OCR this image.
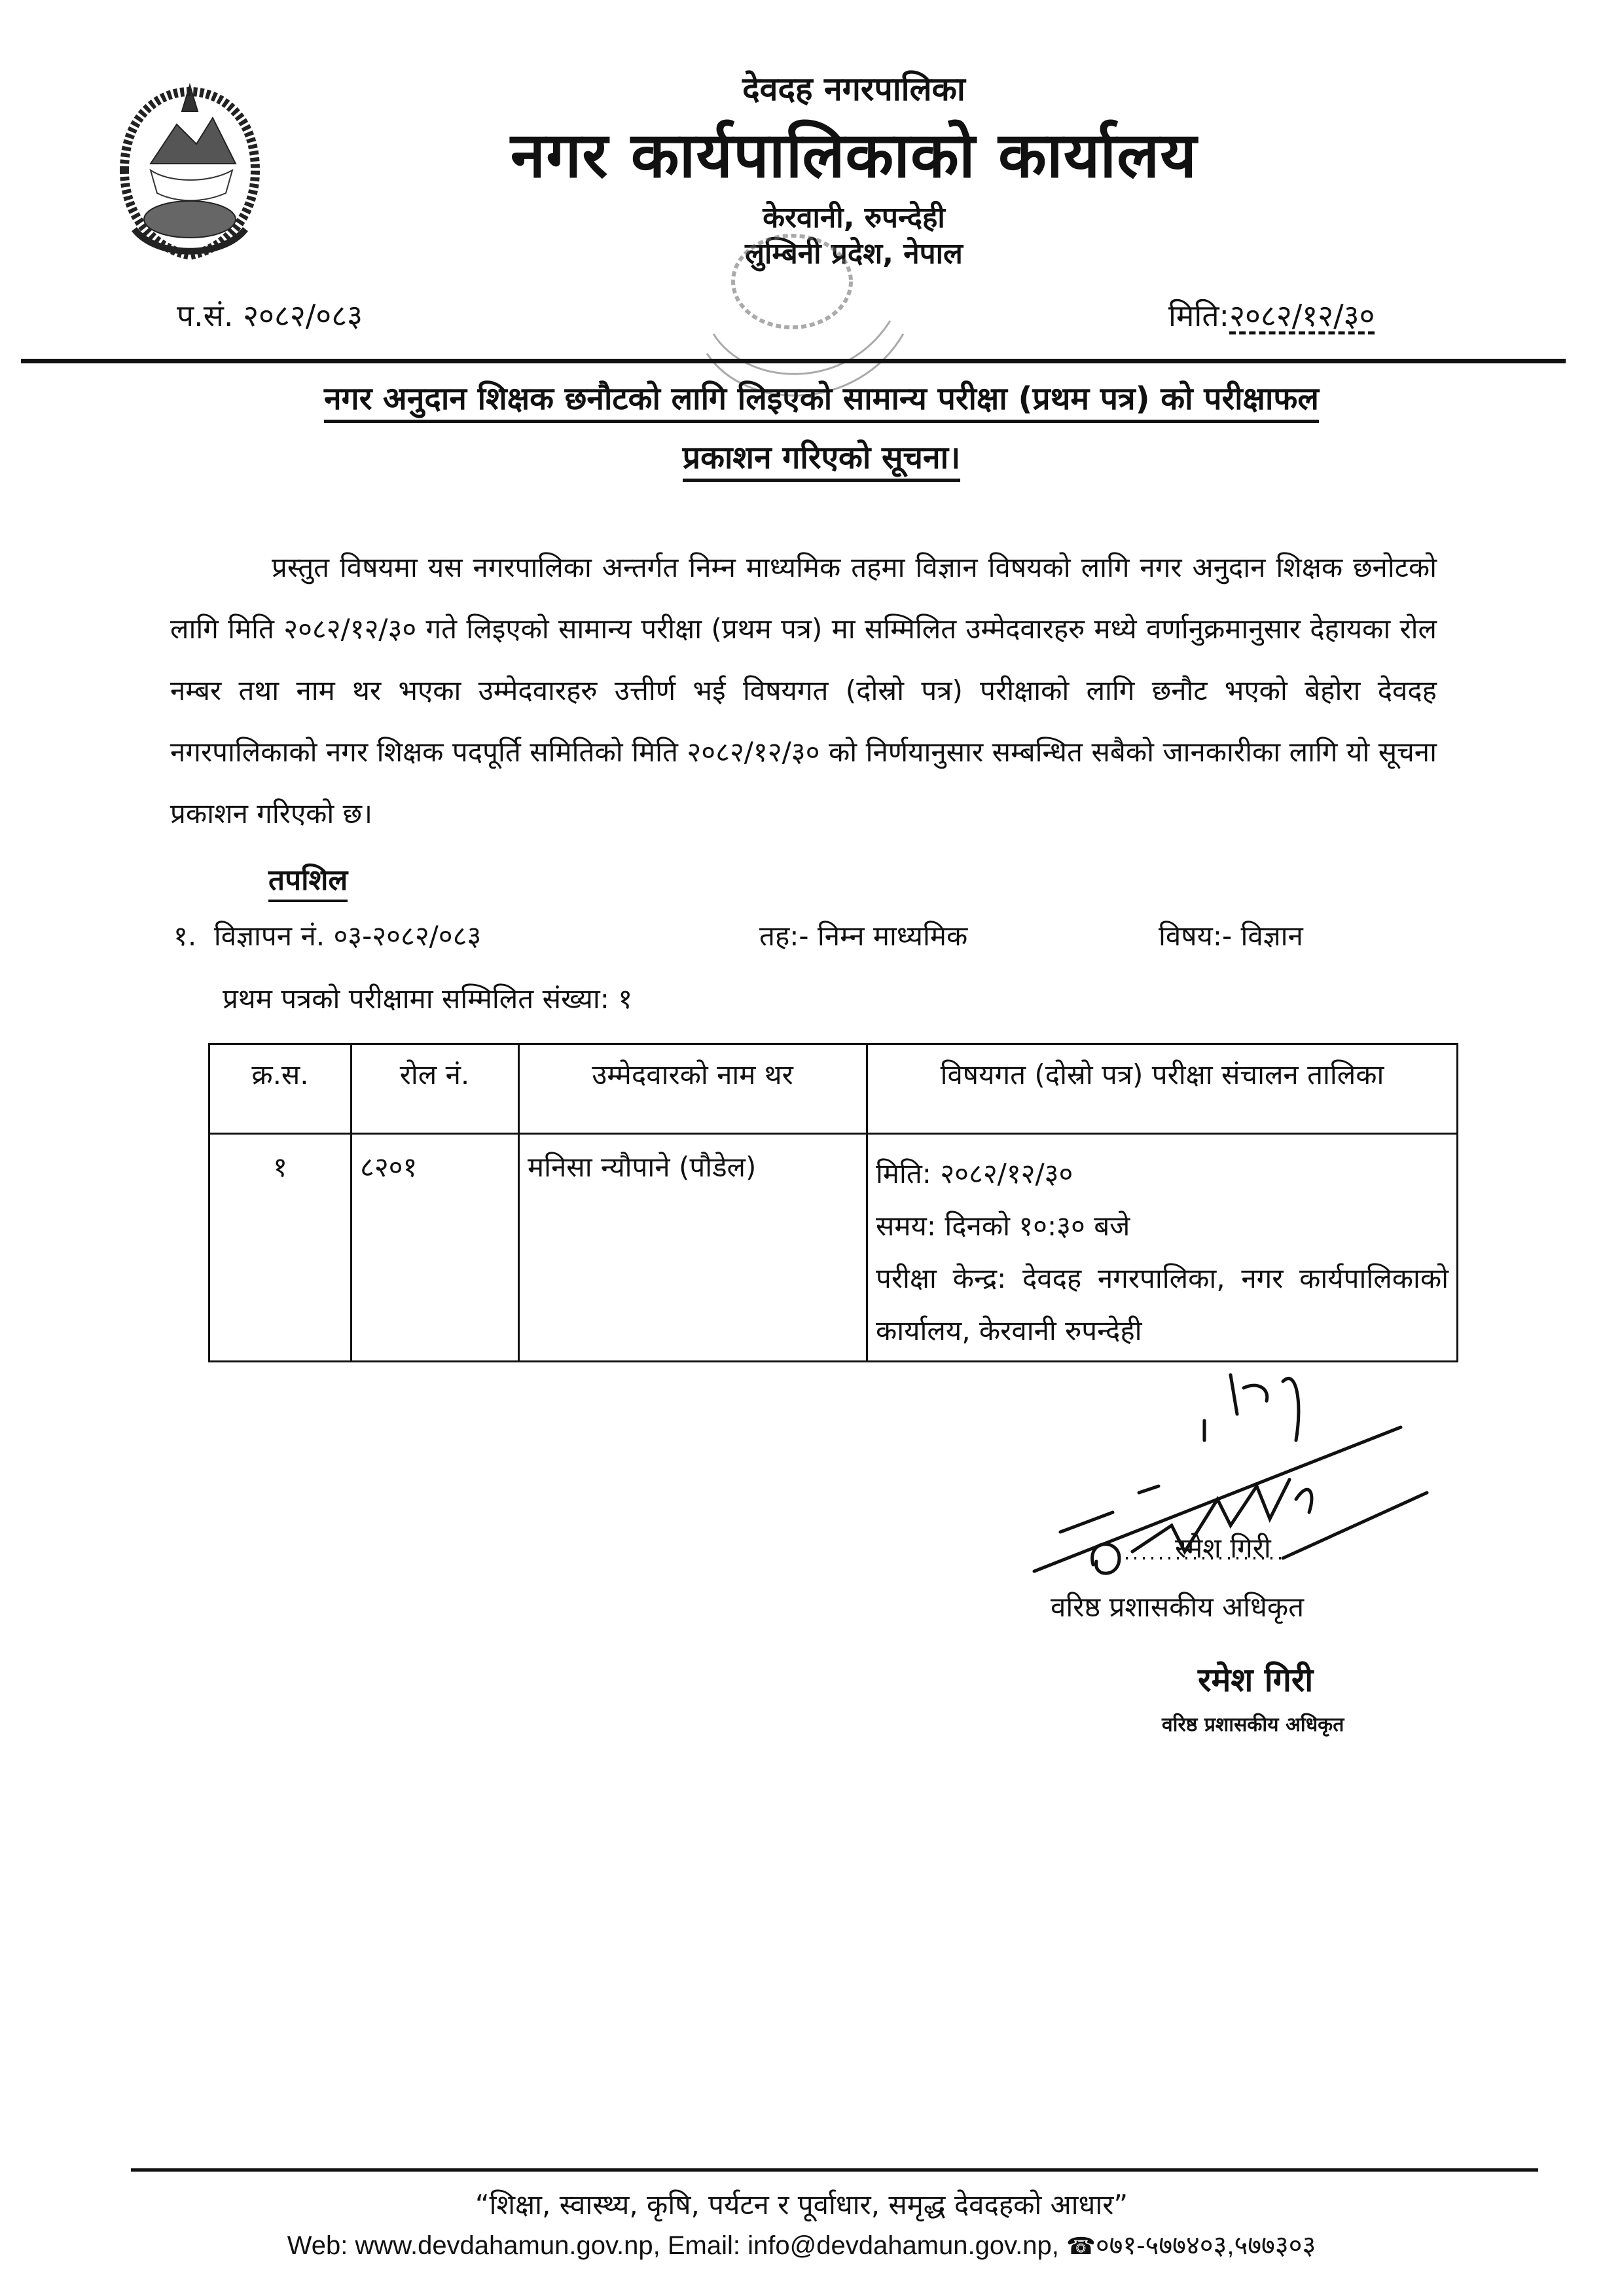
देवदह नगरपालिका
नगर कार्यपालिकाको कार्यालय
केरवानी, रुपन्देही
लुम्बिनी प्रदेश, नेपाल
प.सं. २०८२/०८३	मिति:२०८२/१२/३०
नगर अनुदान शिक्षक छनौटको लागि लिइएको सामान्य परीक्षा (प्रथम पत्र) को परीक्षाफल
प्रकाशन गरिएको सूचना।
प्रस्तुत विषयमा यस नगरपालिका अन्तर्गत निम्न माध्यमिक तहमा विज्ञान विषयको लागि नगर अनुदान शिक्षक छनोटको लागि मिति २०८२/१२/३० गते लिइएको सामान्य परीक्षा (प्रथम पत्र) मा सम्मिलित उम्मेदवारहरु मध्ये वर्णानुक्रमानुसार देहायका रोल नम्बर तथा नाम थर भएका उम्मेदवारहरु उत्तीर्ण भई विषयगत (दोस्रो पत्र) परीक्षाको लागि छनौट भएको बेहोरा देवदह नगरपालिकाको नगर शिक्षक पदपूर्ति समितिको मिति २०८२/१२/३० को निर्णयानुसार सम्बन्धित सबैको जानकारीका लागि यो सूचना प्रकाशन गरिएको छ।
तपशिल
१. विज्ञापन नं. ०३-२०८२/०८३	तह:- निम्न माध्यमिक	विषय:- विज्ञान
प्रथम पत्रको परीक्षामा सम्मिलित संख्या: १
क्र.स.	रोल नं.	उम्मेदवारको नाम थर	विषयगत (दोस्रो पत्र) परीक्षा संचालन तालिका
१	८२०१	मनिसा न्यौपाने (पौडेल)	मिति: २०८२/१२/३०
समय: दिनको १०:३० बजे
परीक्षा केन्द्र: देवदह नगरपालिका, नगर कार्यपालिकाको कार्यालय, केरवानी रुपन्देही
रमेश गिरी
वरिष्ठ प्रशासकीय अधिकृत
रमेश गिरी
वरिष्ठ प्रशासकीय अधिकृत
“शिक्षा, स्वास्थ्य, कृषि, पर्यटन र पूर्वाधार, समृद्ध देवदहको आधार”
Web: www.devdahamun.gov.np, Email: info@devdahamun.gov.np, ☎०७१-५७७४०३,५७७३०३
